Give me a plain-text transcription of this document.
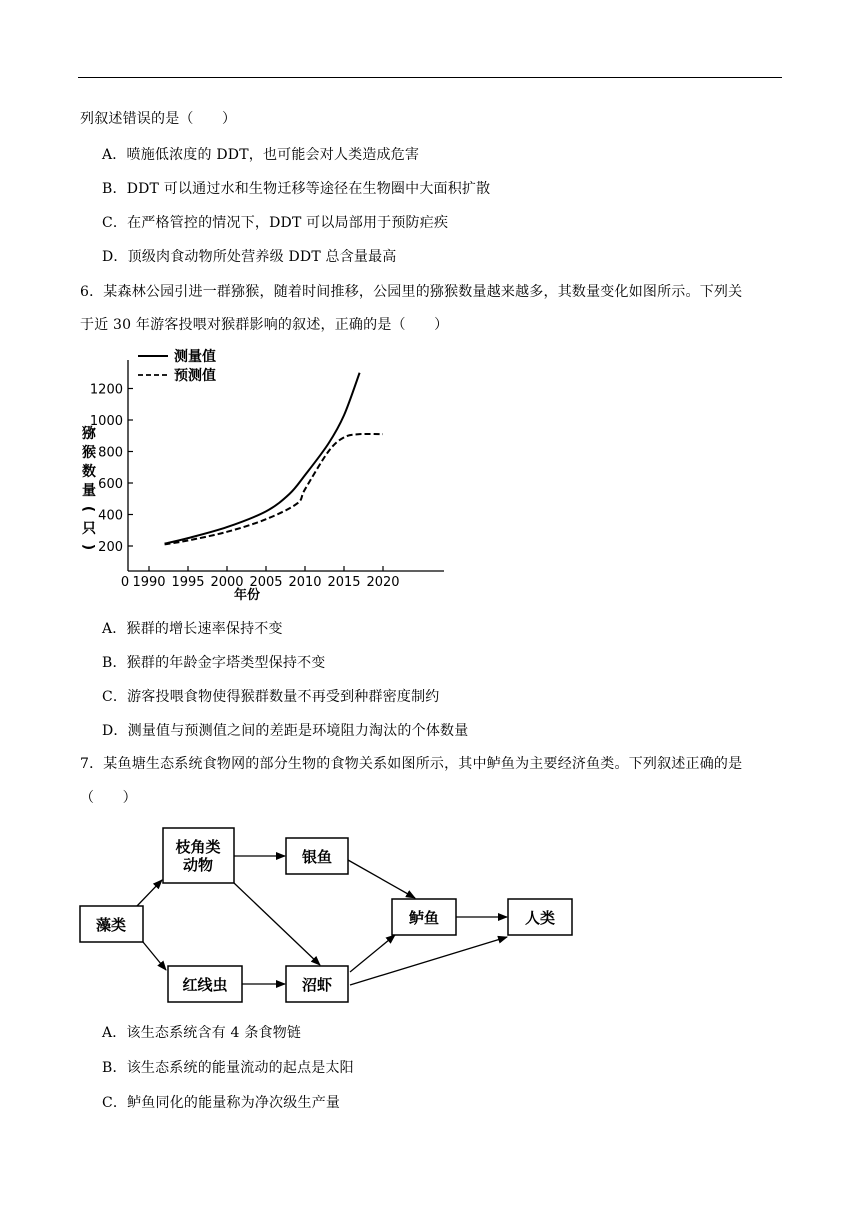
列叙述错误的是（　　）
A．喷施低浓度的 DDT，也可能会对人类造成危害
B．DDT 可以通过水和生物迁移等途径在生物圈中大面积扩散
C．在严格管控的情况下，DDT 可以局部用于预防疟疾
D．顶级肉食动物所处营养级 DDT 总含量最高
6．某森林公园引进一群猕猴，随着时间推移，公园里的猕猴数量越来越多，其数量变化如图所示。下列关
于近 30 年游客投喂对猴群影响的叙述，正确的是（　　）
测量值
预测值
200
400
600
800
1000
1200
0 1990 1995 2000 2005 2010 2015 2020
猕
猴
数
量
(
只
)
年份
A．猴群的增长速率保持不变
B．猴群的年龄金字塔类型保持不变
C．游客投喂食物使得猴群数量不再受到种群密度制约
D．测量值与预测值之间的差距是环境阻力淘汰的个体数量
7．某鱼塘生态系统食物网的部分生物的食物关系如图所示，其中鲈鱼为主要经济鱼类。下列叙述正确的是
（　　）
藻类
枝角类
动物	银鱼
红线虫	沼虾
鲈鱼	人类
A．该生态系统含有 4 条食物链
B．该生态系统的能量流动的起点是太阳
C．鲈鱼同化的能量称为净次级生产量
